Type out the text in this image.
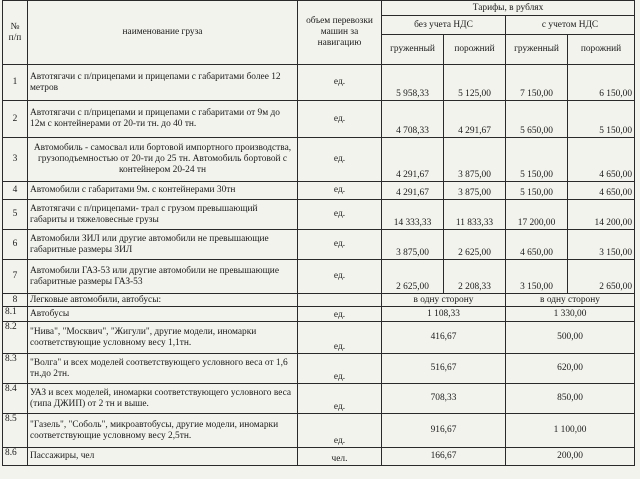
№
п/п	наименование груза	объем перевозки машин за навигацию	Тарифы, в рублях			
			без учета НДС		с учетом НДС	
			груженный	порожний	груженный	порожний
1	Автотягачи с п/прицепами и прицепами с габаритами более 12 метров	ед.	5 958,33	5 125,00	7 150,00	6 150,00
2	Автотягачи с п/прицепами и прицепами с габаритами от 9м до 12м с контейнерами от 20-ти тн. до 40 тн.	ед.	4 708,33	4 291,67	5 650,00	5 150,00
3	Автомобиль - самосвал или бортовой импортного производства, грузоподъемностью от 20-ти до 25 тн. Автомобиль бортовой с контейнером 20-24 тн	ед.	4 291,67	3 875,00	5 150,00	4 650,00
4	Автомобили с габаритами 9м. с контейнерами 30тн	ед.	4 291,67	3 875,00	5 150,00	4 650,00
5	Автотягачи с п/прицепами- трал с грузом превышающий габариты и тяжеловесные грузы	ед.	14 333,33	11 833,33	17 200,00	14 200,00
6	Автомобили ЗИЛ или другие автомобили не превышающие габаритные размеры ЗИЛ	ед.	3 875,00	2 625,00	4 650,00	3 150,00
7	Автомобили ГАЗ-53 или другие автомобили не превышающие габаритные размеры ГАЗ-53	ед.	2 625,00	2 208,33	3 150,00	2 650,00
8	Легковые автомобили, автобусы:		в одну сторону		в одну сторону	
8.1	Автобусы	ед.	1 108,33		1 330,00	
8.2	"Нива", "Москвич", "Жигули", другие модели, иномарки соответствующие условному весу 1,1тн.	ед.	416,67		500,00	
8.3	"Волга" и всех моделей соответствующего условного веса от 1,6 тн.до 2тн.	ед.	516,67		620,00	
8.4	УАЗ и всех моделей, иномарки соответствующего условного веса (типа ДЖИП) от 2 тн и выше.	ед.	708,33		850,00	
8.5	"Газель", "Соболь", микроавтобусы, другие модели, иномарки соответствующие условному весу 2,5тн.	ед.	916,67		1 100,00	
8.6	Пассажиры, чел	чел.	166,67		200,00	
